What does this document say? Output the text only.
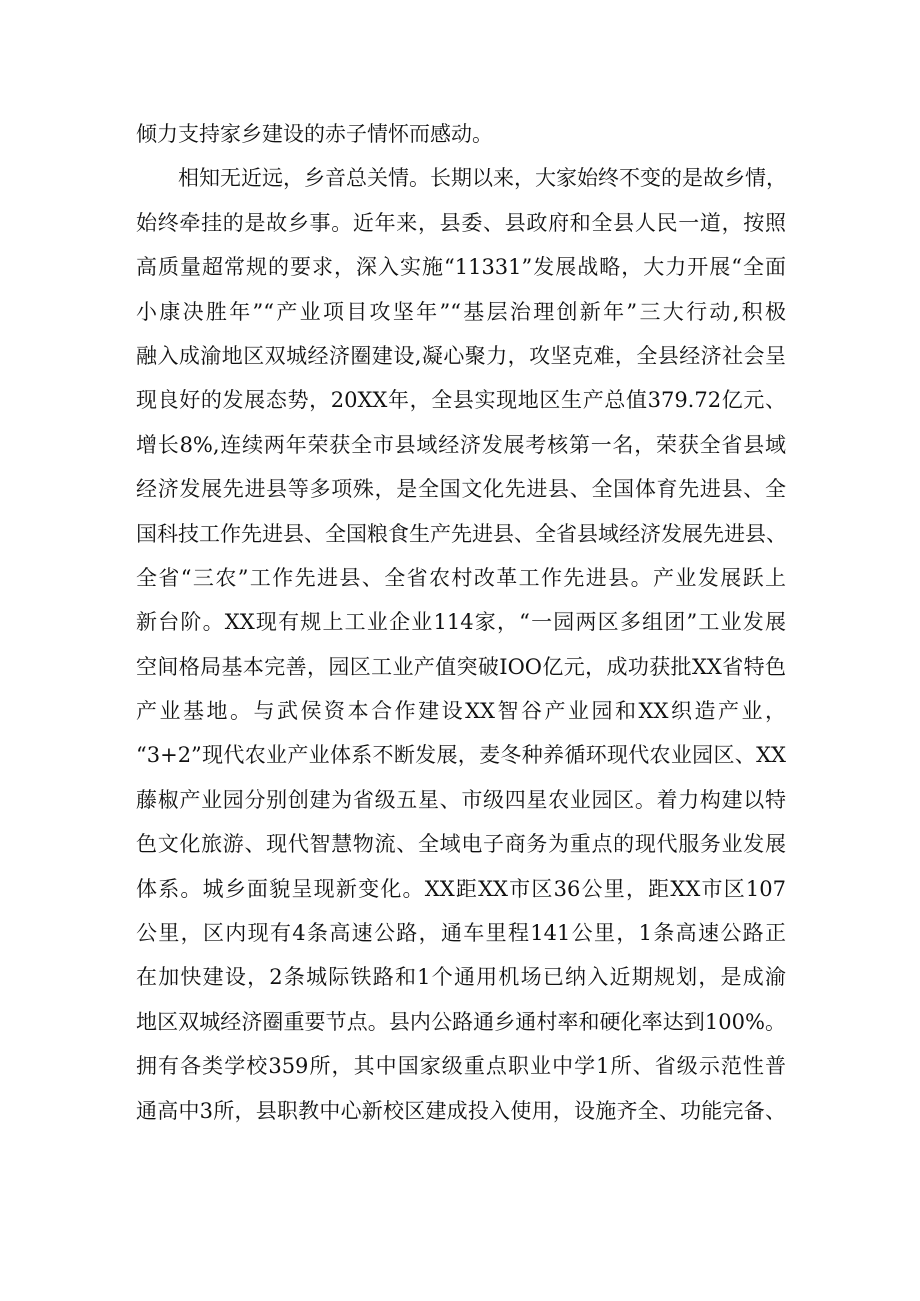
倾力支持家乡建设的赤子情怀而感动。
相知无近远，乡音总关情。长期以来，大家始终不变的是故乡情，
始终牵挂的是故乡事。近年来，县委、县政府和全县人民一道，按照
高质量超常规的要求，深入实施“11331”发展战略，大力开展“全面
小康决胜年”“产业项目攻坚年”“基层治理创新年”三大行动,积极
融入成渝地区双城经济圈建设,凝心聚力，攻坚克难，全县经济社会呈
现良好的发展态势，20XX年，全县实现地区生产总值379.72亿元、
增长8%,连续两年荣获全市县域经济发展考核第一名，荣获全省县域
经济发展先进县等多项殊，是全国文化先进县、全国体育先进县、全
国科技工作先进县、全国粮食生产先进县、全省县域经济发展先进县、
全省“三农”工作先进县、全省农村改革工作先进县。产业发展跃上
新台阶。XX现有规上工业企业114家，“一园两区多组团”工业发展
空间格局基本完善，园区工业产值突破IOO亿元，成功获批XX省特色
产业基地。与武侯资本合作建设XX智谷产业园和XX织造产业，
“3+2”现代农业产业体系不断发展，麦冬种养循环现代农业园区、XX
藤椒产业园分别创建为省级五星、市级四星农业园区。着力构建以特
色文化旅游、现代智慧物流、全域电子商务为重点的现代服务业发展
体系。城乡面貌呈现新变化。XX距XX市区36公里，距XX市区107
公里，区内现有4条高速公路，通车里程141公里，1条高速公路正
在加快建设，2条城际铁路和1个通用机场已纳入近期规划，是成渝
地区双城经济圈重要节点。县内公路通乡通村率和硬化率达到100%。
拥有各类学校359所，其中国家级重点职业中学1所、省级示范性普
通高中3所，县职教中心新校区建成投入使用，设施齐全、功能完备、
